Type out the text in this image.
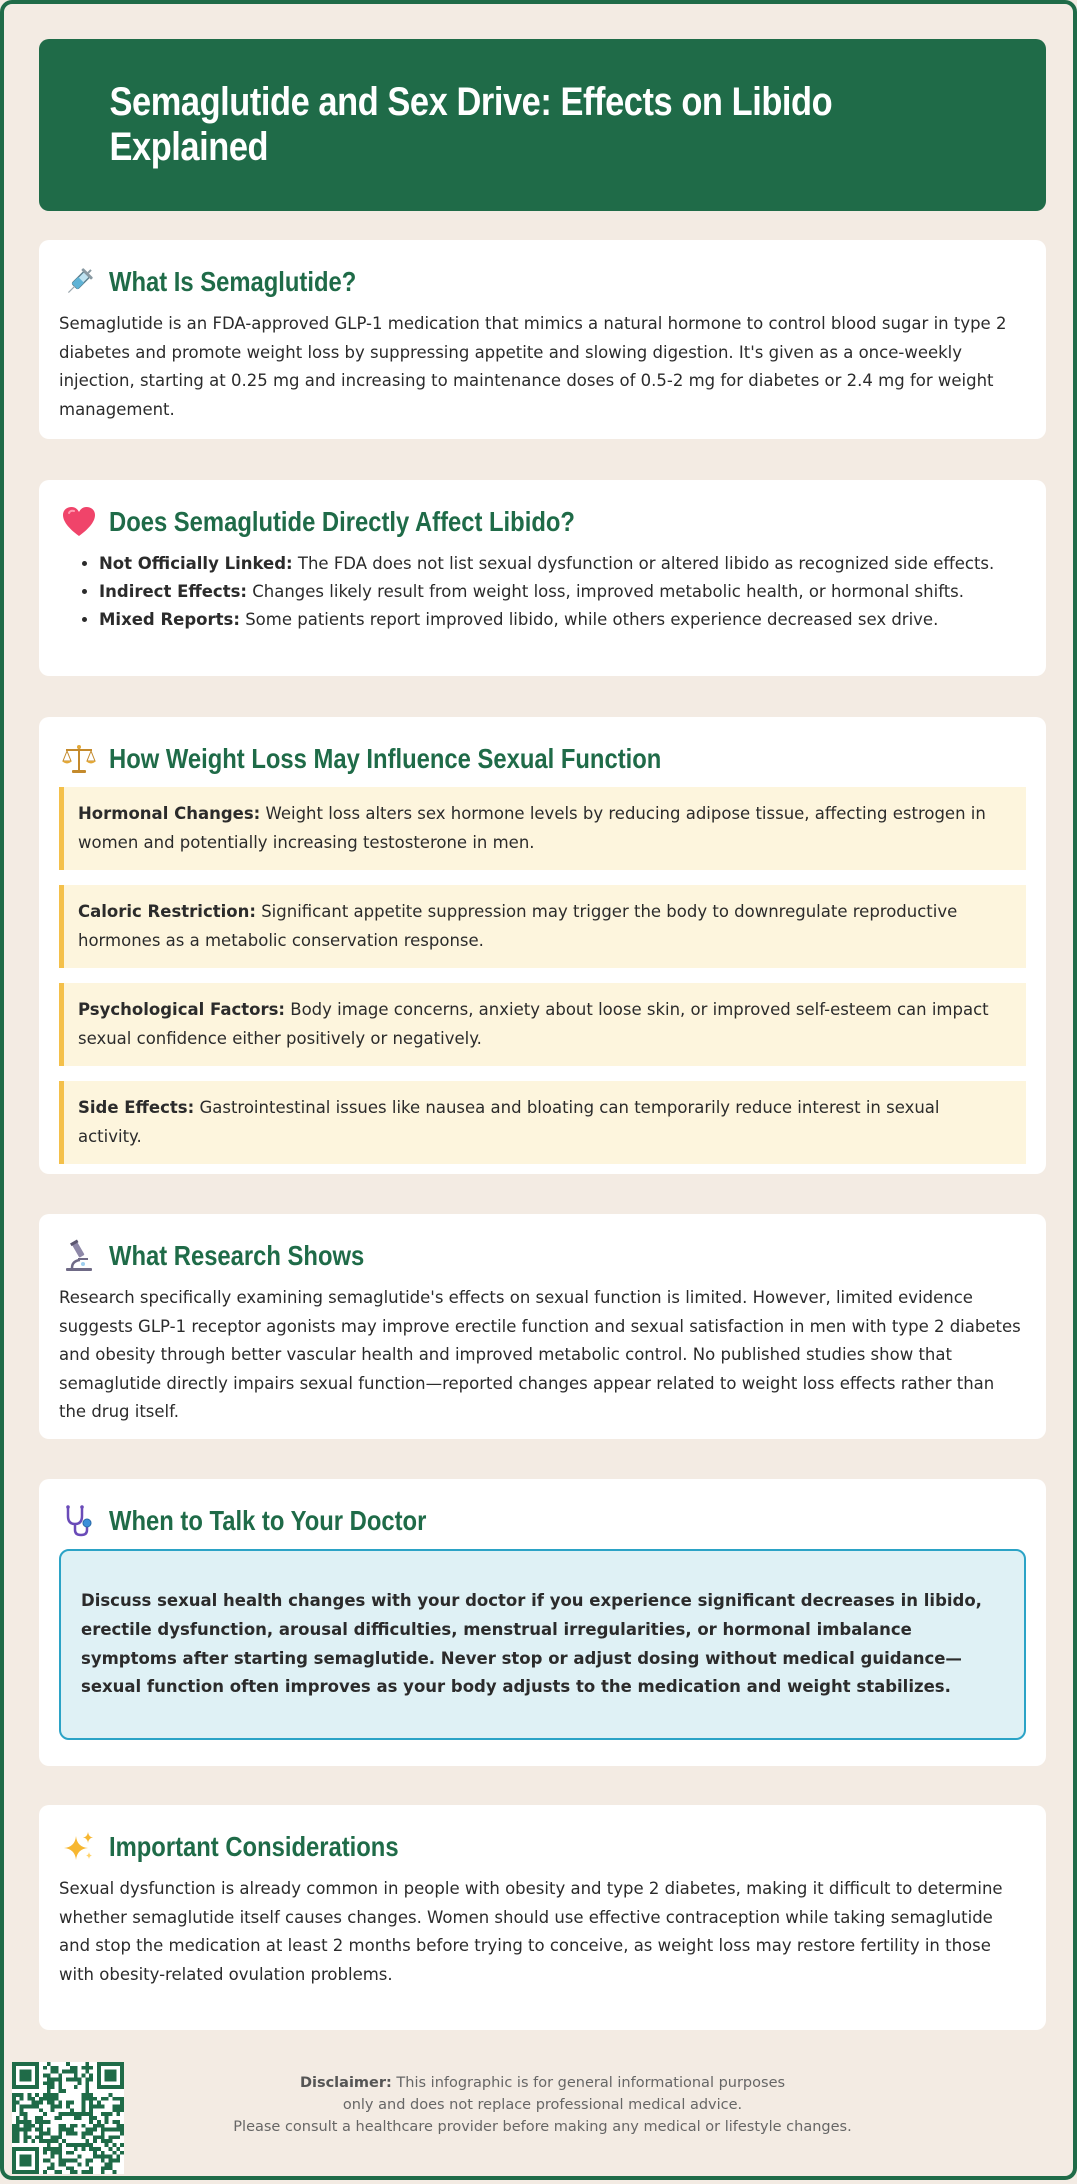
Semaglutide and Sex Drive: Effects on Libido Explained
What Is Semaglutide?

Semaglutide is an FDA-approved GLP-1 medication that mimics a natural hormone to control blood sugar in type 2 diabetes and promote weight loss by suppressing appetite and slowing digestion. It's given as a once-weekly injection, starting at 0.25 mg and increasing to maintenance doses of 0.5-2 mg for diabetes or 2.4 mg for weight management.

Does Semaglutide Directly Affect Libido?
• Not Officially Linked: The FDA does not list sexual dysfunction or altered libido as recognized side effects.
• Indirect Effects: Changes likely result from weight loss, improved metabolic health, or hormonal shifts.
• Mixed Reports: Some patients report improved libido, while others experience decreased sex drive.
How Weight Loss May Influence Sexual Function
Hormonal Changes: Weight loss alters sex hormone levels by reducing adipose tissue, affecting estrogen in women and potentially increasing testosterone in men.
Caloric Restriction: Significant appetite suppression may trigger the body to downregulate reproductive hormones as a metabolic conservation response.
Psychological Factors: Body image concerns, anxiety about loose skin, or improved self-esteem can impact sexual confidence either positively or negatively.
Side Effects: Gastrointestinal issues like nausea and bloating can temporarily reduce interest in sexual activity.
What Research Shows

Research specifically examining semaglutide's effects on sexual function is limited. However, limited evidence suggests GLP-1 receptor agonists may improve erectile function and sexual satisfaction in men with type 2 diabetes and obesity through better vascular health and improved metabolic control. No published studies show that semaglutide directly impairs sexual function—reported changes appear related to weight loss effects rather than the drug itself.

When to Talk to Your Doctor
Discuss sexual health changes with your doctor if you experience significant decreases in libido, erectile dysfunction, arousal difficulties, menstrual irregularities, or hormonal imbalance symptoms after starting semaglutide. Never stop or adjust dosing without medical guidance—sexual function often improves as your body adjusts to the medication and weight stabilizes.
Important Considerations

Sexual dysfunction is already common in people with obesity and type 2 diabetes, making it difficult to determine whether semaglutide itself causes changes. Women should use effective contraception while taking semaglutide and stop the medication at least 2 months before trying to conceive, as weight loss may restore fertility in those with obesity-related ovulation problems.

Disclaimer: This infographic is for general informational purposes
only and does not replace professional medical advice.
Please consult a healthcare provider before making any medical or lifestyle changes.
